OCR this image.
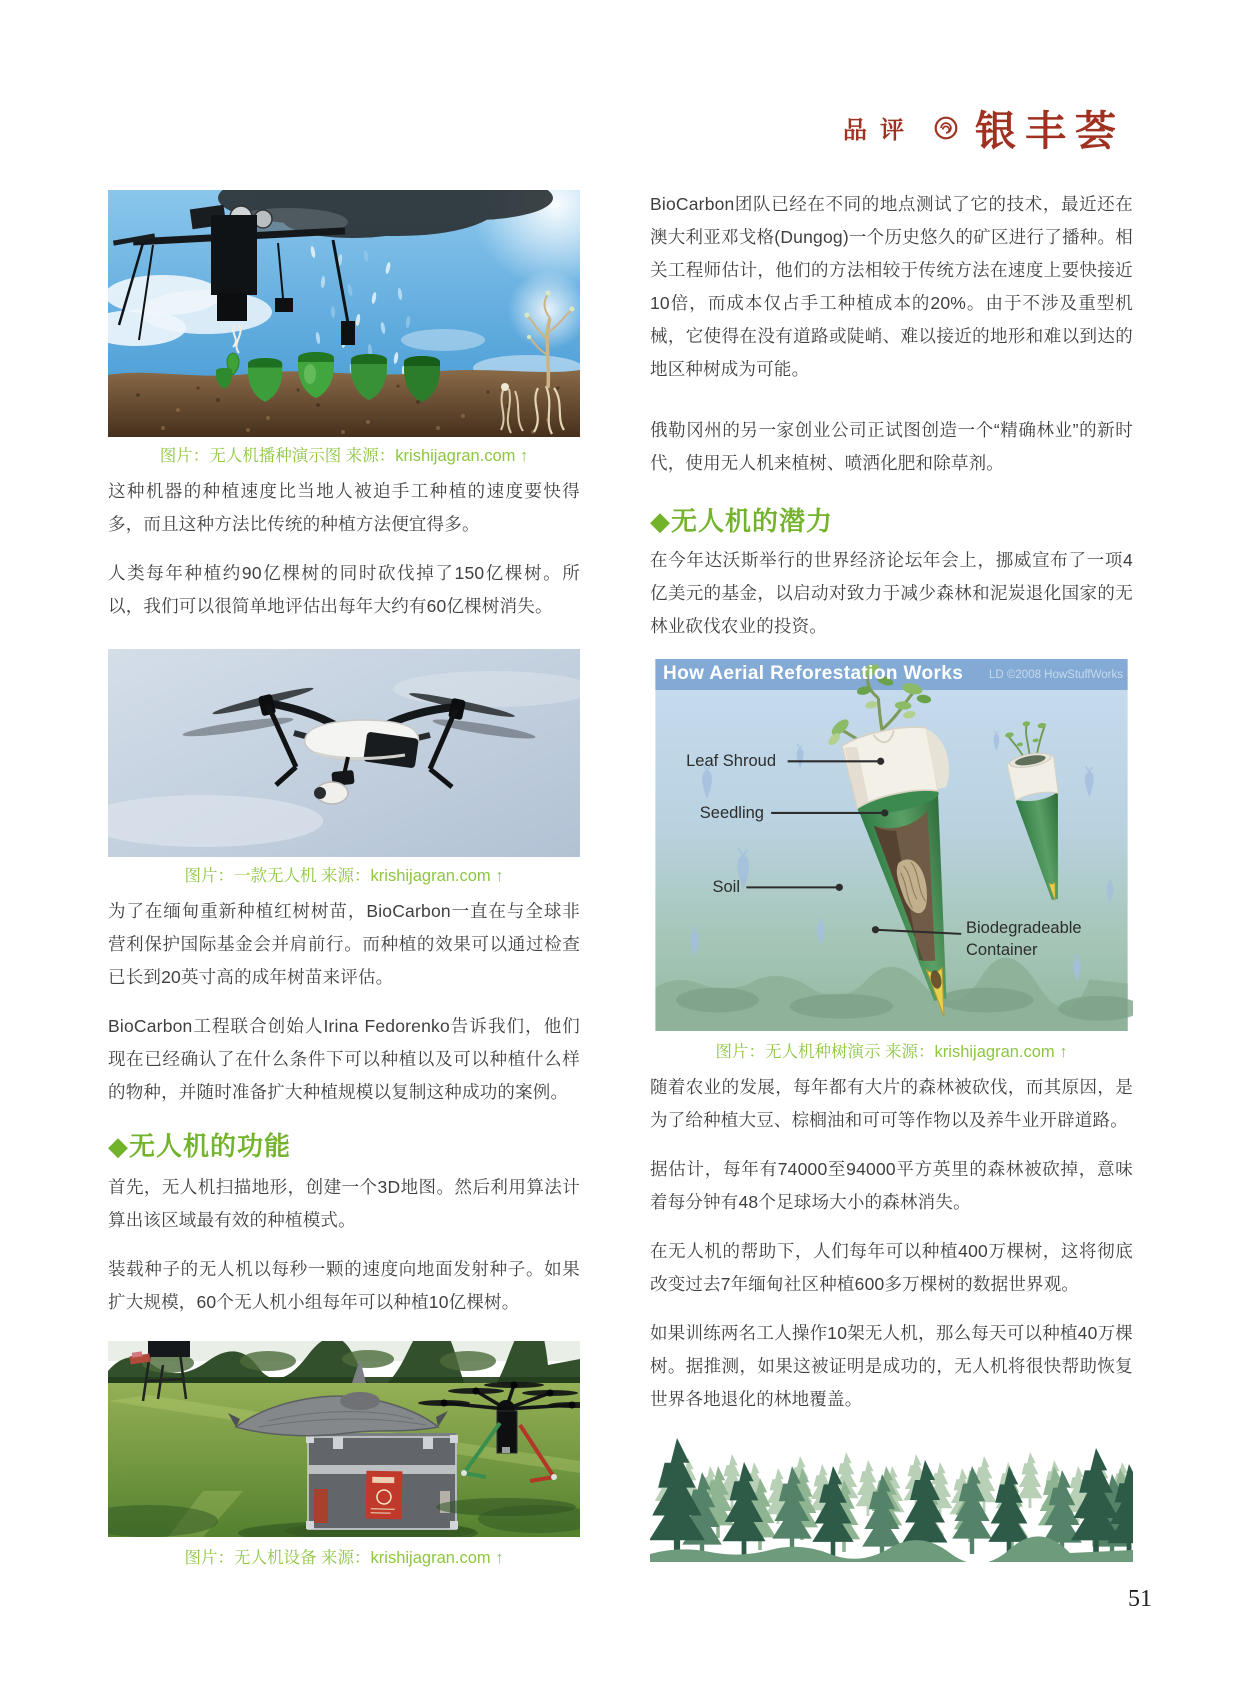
品评 银丰荟
图片：无人机播种演示图 来源：krishijagran.com ↑

这种机器的种植速度比当地人被迫手工种植的速度要快得多，而且这种方法比传统的种植方法便宜得多。

人类每年种植约90亿棵树的同时砍伐掉了150亿棵树。所以，我们可以很简单地评估出每年大约有60亿棵树消失。

图片：一款无人机 来源：krishijagran.com ↑

为了在缅甸重新种植红树树苗，BioCarbon一直在与全球非营利保护国际基金会并肩前行。而种植的效果可以通过检查已长到20英寸高的成年树苗来评估。

BioCarbon工程联合创始人Irina Fedorenko告诉我们，他们现在已经确认了在什么条件下可以种植以及可以种植什么样的物种，并随时准备扩大种植规模以复制这种成功的案例。

◆无人机的功能

首先，无人机扫描地形，创建一个3D地图。然后利用算法计算出该区域最有效的种植模式。

装载种子的无人机以每秒一颗的速度向地面发射种子。如果扩大规模，60个无人机小组每年可以种植10亿棵树。

图片：无人机设备 来源：krishijagran.com ↑

BioCarbon团队已经在不同的地点测试了它的技术，最近还在澳大利亚邓戈格(Dungog)一个历史悠久的矿区进行了播种。相关工程师估计，他们的方法相较于传统方法在速度上要快接近10倍，而成本仅占手工种植成本的20%。由于不涉及重型机械，它使得在没有道路或陡峭、难以接近的地形和难以到达的地区种树成为可能。

俄勒冈州的另一家创业公司正试图创造一个“精确林业”的新时代，使用无人机来植树、喷洒化肥和除草剂。

◆无人机的潜力

在今年达沃斯举行的世界经济论坛年会上，挪威宣布了一项4亿美元的基金，以启动对致力于减少森林和泥炭退化国家的无林业砍伐农业的投资。

How Aerial Reforestation Works LD ©2008 HowStuffWorks
Leaf Shroud
Seedling
Soil
Biodegradeable Container
图片：无人机种树演示 来源：krishijagran.com ↑

随着农业的发展，每年都有大片的森林被砍伐，而其原因，是为了给种植大豆、棕榈油和可可等作物以及养牛业开辟道路。

据估计，每年有74000至94000平方英里的森林被砍掉，意味着每分钟有48个足球场大小的森林消失。

在无人机的帮助下，人们每年可以种植400万棵树，这将彻底改变过去7年缅甸社区种植600多万棵树的数据世界观。

如果训练两名工人操作10架无人机，那么每天可以种植40万棵树。据推测，如果这被证明是成功的，无人机将很快帮助恢复世界各地退化的林地覆盖。

51
